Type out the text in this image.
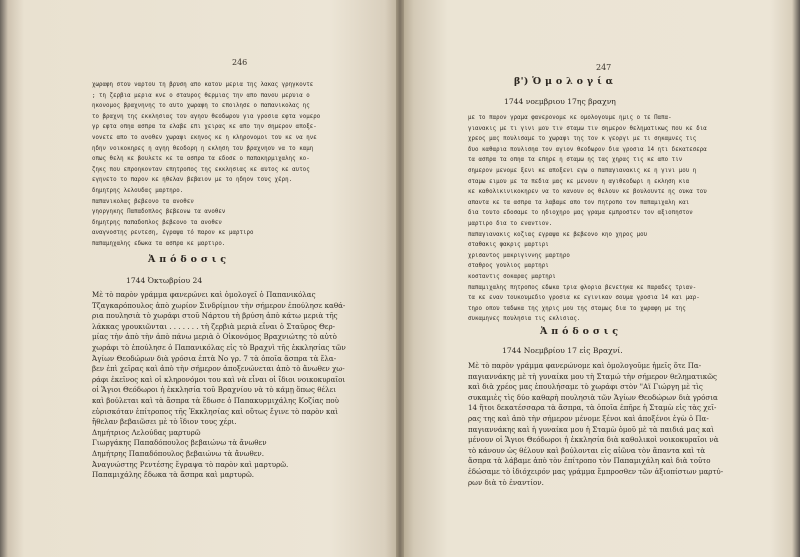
246

χωραφη στου ναρτου τη βρυση απο κατου μερια της λακας γρηγκοντε

; τη ζερβια μερια κνε ο σταυρος θερμιας την απο πανου μερυια ο

ηκονομος βραχνηνης το αυτο χωραφη το εποιλησε ο παπανικολας ης

το βραχνη της εκκλησιας του αγηου θεοδωρου για γροσια εφτα νομερο

γρ εφτα οπηα ασπρα τα ελαβε επι χειρας κε απο την σημερον αποξε-

νονετε απο το ανοθεν χωραφι εκηνος κε η κληρονομοι του κε να ηνε

ηδην νοικοκηρες η αγηη θεοδορη η εκληση του βραχνηου να το καμη

οπως θελη κε βουλετε κε τα ασπρα τα εδοσε ο παπακηρμιχαλης κο-

ζηκς που επροηκονταν επητροπος της εκκλησιας κε αυτος κε αυτος

εγηνετο το παρον κε ηθελαν βεβαιον με το ηδηον τους χέρη.

δημητρης λελουδας μαρτηρο.

παπανικολας βεβεονο τα ανοθεν

γηοργηκης Παπαδοπλος βεβεονω τα ανοθεν

δημητρης παπαδοπλος βεβεονο τα ανοθεν

αναγνοστης ρεντεση, έγραψα τό παρον κε μαρτιρο

παπαμηχαλης εδωκα τα ασπρα κε μαρτιρο.

Ἀ π ό δ ο σ ι ς
1744 Ὀκτωβρίου 24

Μὲ τὸ παρὸν γράμμα φανερώνει καὶ ὁμολογεῖ ὁ Παπανικόλας

Τζαγκαρόπουλος ἀπὸ χωρίον Σινδρίμιον τὴν σήμερον ἐπούλησε καθά-

ρια πουλησιὰ τὸ χωράφι στοῦ Νάρτου τὴ βρύση ἀπὸ κάτω μεριὰ τῆς

λάκκας γρουκιῶνται . . . . . . . τὴ ζερβιὰ μεριὰ εἶναι ὁ Σταῦρος Θερ-

μίας τὴν ἀπὸ τὴν ἀπὸ πάνω μεριὰ ὁ Οἰκονόμος Βραχνιώτης τὸ αὐτὸ

χωράφι τὸ ἐπούλησε ὁ Παπανικόλας εἰς τὸ Βραχνὶ τῆς ἐκκλησίας τῶν

Ἁγίων Θεοδώρων διὰ γρόσια ἑπτὰ Νο γρ. 7 τὰ ὁποῖα ἄσπρα τὰ ἔλα-

βεν ἐπὶ χεῖρας καὶ ἀπὸ τὴν σήμερον ἀποξενώνεται ἀπὸ τὸ ἄνωθεν χω-

ράφι ἐκεῖνος καὶ οἱ κληρονόμοι του καὶ νὰ εἶναι οἱ ἴδιοι νοικοκυραῖοι

οἱ Ἅγιοι Θεόδωροι ἡ ἐκκλησία τοῦ Βραχνίου νὰ τὸ κάμῃ ὅπως θέλει

καὶ βούλεται καὶ τὰ ἄσπρα τὰ ἔδωσε ὁ Παπακυρμιχάλης Κοζίας ποὺ

εὑρισκόταν ἐπίτροπος τῆς Ἐκκλησίας καὶ οὕτως ἔγινε τὸ παρὸν καὶ

ἤθελαν βεβαιῶσει μὲ τὸ ἴδιον τους χέρι.

Δημήτριος Λελούδας μαρτυρῶ

Γιωργάκης Παπαδόπουλος βεβαιώνω τὰ ἄνωθεν

Δημήτρης Παπαδόπουλος βεβαιώνω τὰ ἄνωθεν.

Ἀναγνώστης Ρεντέσης ἔγραψα τὸ παρὸν καὶ μαρτυρῶ.

Παπαμιχάλης ἔδωκα τὰ ἄσπρα καὶ μαρτυρῶ.

247
β') Ὁ μ ο λ ο γ ί α
1744 νοεμβριου 17ης βραχνη

με το παρον γραμα φανερονομε κε ομολογουμε ημις ο τε Παπα-

γιανακις με τι γινι μου τιν σταμω τιν σημερον θεληματικως που κε δια

χρεος μας πουλισαμε το χωραφι της τον κ γεοργι με τι σηκαμνες τις

δυο καθαρια πουλισηα τον αγιον θεοδωρον δια γροσια 14 ητι δεκατεσερα

τα ασπρα τα οπηα τα επηρε η σταμω ης τας χηρας τις κε απο τιν

σημερον μενομε ξενι κε αποξενι εγω ο παπαγιανακις κε η γινι μου η

σταμω ειμου με τα πεδια μας κε μενουν η αγιθεοδωρι η εκληση κια

κε καθολικινικοκηρεν να το κανουν ος θελουν κε βουλουντε ης ουκα του

απαντα κε τα ασπρα τα λαβαμε απο τον πητροπο τον παπαμιχαλη και

δια τουτο εδοσαμε το ηδιοχηρο μας γραμα εμπροστεν τον αξιοπηστον

μαρτιρο δια το εναντιον.

παπαγιανακις κοζιας εγραψα κε βεβεονο κηο χηρος μου

σταθακις φακρις μαρτιρι

χρισαντος μακριγιννης μαρτηρο

σταθρος γουλιος μαρτηρι

κοσταντις σοκαρας μαρτηρι

παπαμιχαλης πητροπος εδωκα τρια φλορια βενετηκα κε παραδες τριαν-

τα κε εναν τουκουμεδιο γροσια κε εγινικαν σουμα γροσια 14 και μαρ-

τηρο οπου ταδωκα της χηρις μου της σταμως δια το χωραφη με της

συκαμηνες πουλησια τις εκλισιας.

Ἀ π ό δ ο σ ι ς
1744 Νοεμβρίου 17 εἰς Βραχνί.

Μὲ τὸ παρὸν γράμμα φανερώνομε καὶ ὁμολογοῦμε ἡμεῖς ὅτε Πα-

παγιαννάκης μὲ τὴ γυναίκα μου τὴ Σταμώ τὴν σήμερον θεληματικῶς

καὶ διὰ χρέος μας ἐπουλήσαμε τὸ χωράφι στὸν "Αϊ Γιώργη μὲ τὶς

συκαμιὲς τὶς δύο καθαρὴ πουλησιὰ τῶν Ἁγίων Θεοδώρων διὰ γρόσια

14 ἤτοι δεκατέσσαρα τὰ ἄσπρα, τὰ ὁποῖα ἐπῆρε ἡ Σταμὼ εἰς τὰς χεῖ-

ρας της καὶ ἀπὸ τὴν σήμερον μένομε ξένοι καὶ ἀποξένοι ἐγὼ ὁ Πα-

παγιαννάκης καὶ ἡ γυναίκα μου ἡ Σταμὼ ὁμοῦ μὲ τὰ παιδιά μας καὶ

μένουν οἱ Ἅγιοι Θεόδωροι ἡ ἐκκλησία διὰ καθολικοὶ νοικοκυραῖοι νὰ

τὸ κάνουν ὡς θέλουν καὶ βούλονται εἰς αἰῶνα τὸν ἅπαντα καὶ τὰ

ἄσπρα τὰ λάβαμε ἀπὸ τὸν ἐπίτροπο τὸν Παπαμιχάλη καὶ διὰ τοῦτο

ἐδώσαμε τὸ ἰδιόχειρόν μας γράμμα ἔμπροσθεν τῶν ἀξιοπίστων μαρτύ-

ρων διὰ τὸ ἐναντίον.
